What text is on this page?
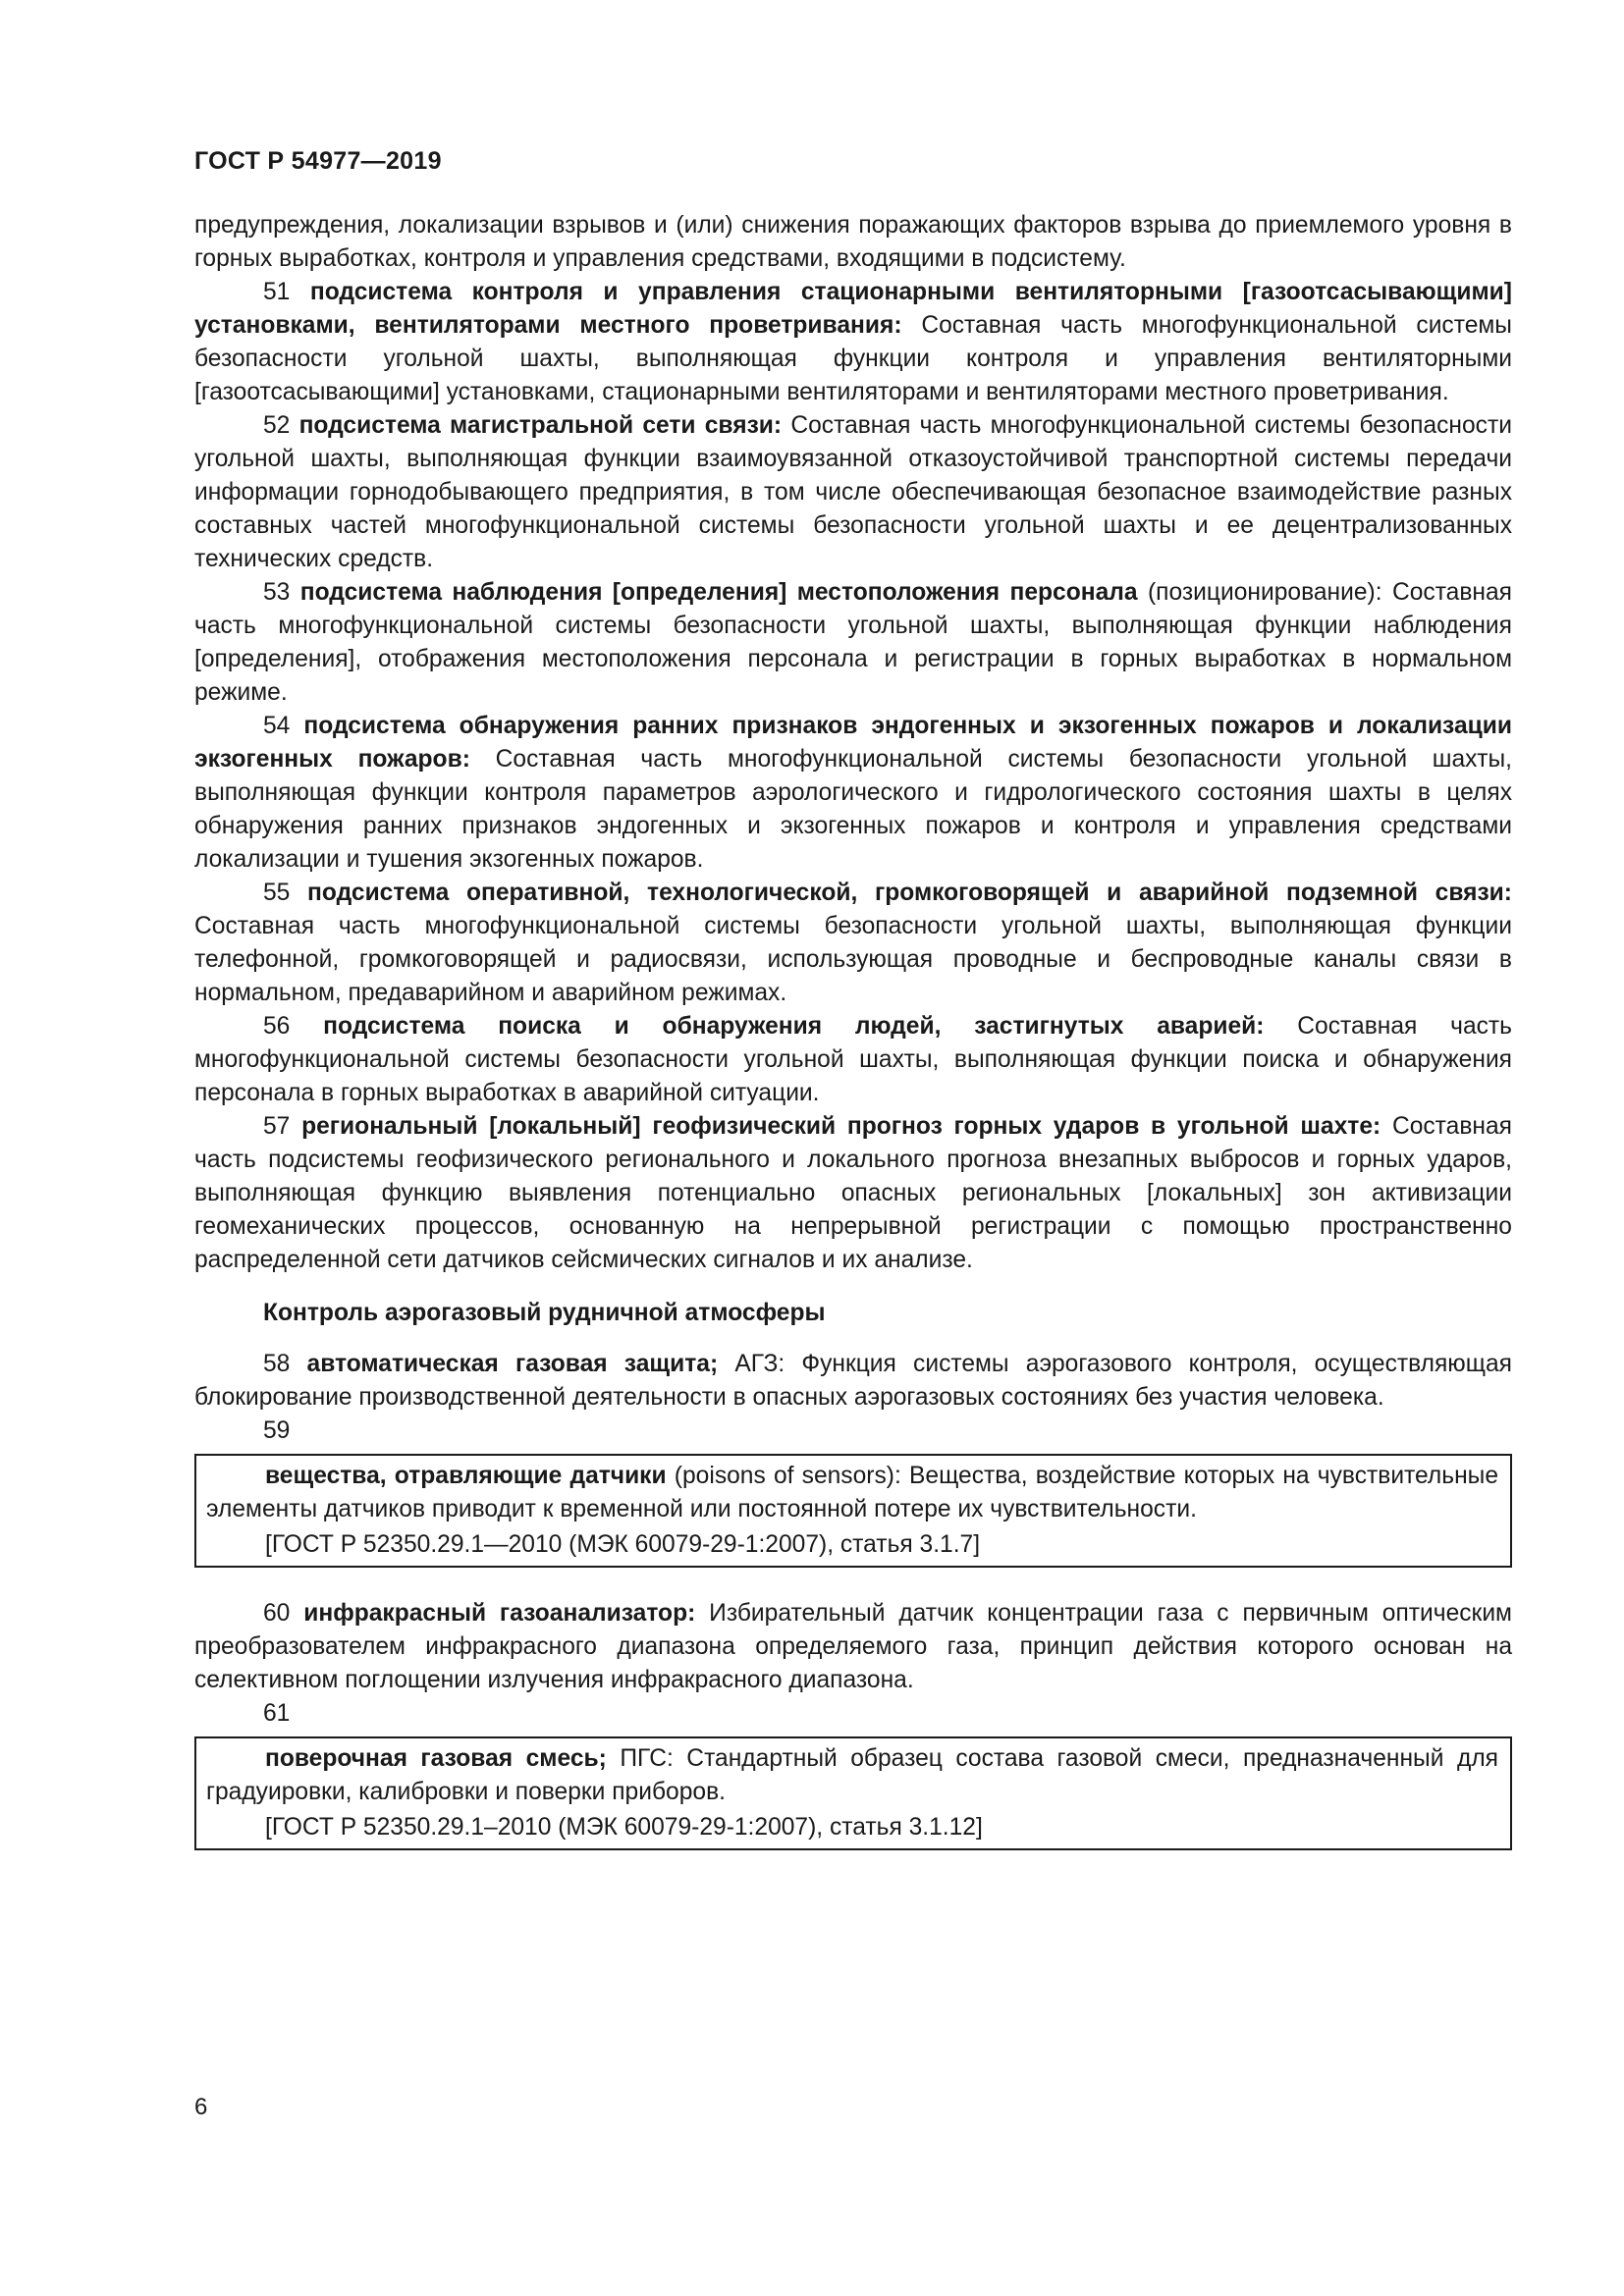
ГОСТ Р 54977—2019

предупреждения, локализации взрывов и (или) снижения поражающих факторов взрыва до приемлемого уровня в горных выработках, контроля и управления средствами, входящими в подсистему.

51 подсистема контроля и управления стационарными вентиляторными [газоотсасывающими] установками, вентиляторами местного проветривания: Составная часть многофункциональной системы безопасности угольной шахты, выполняющая функции контроля и управления вентиляторными [газоотсасывающими] установками, стационарными вентиляторами и вентиляторами местного проветривания.

52 подсистема магистральной сети связи: Составная часть многофункциональной системы безопасности угольной шахты, выполняющая функции взаимоувязанной отказоустойчивой транспортной системы передачи информации горнодобывающего предприятия, в том числе обеспечивающая безопасное взаимодействие разных составных частей многофункциональной системы безопасности угольной шахты и ее децентрализованных технических средств.

53 подсистема наблюдения [определения] местоположения персонала (позиционирование): Составная часть многофункциональной системы безопасности угольной шахты, выполняющая функции наблюдения [определения], отображения местоположения персонала и регистрации в горных выработках в нормальном режиме.

54 подсистема обнаружения ранних признаков эндогенных и экзогенных пожаров и локализации экзогенных пожаров: Составная часть многофункциональной системы безопасности угольной шахты, выполняющая функции контроля параметров аэрологического и гидрологического состояния шахты в целях обнаружения ранних признаков эндогенных и экзогенных пожаров и контроля и управления средствами локализации и тушения экзогенных пожаров.

55 подсистема оперативной, технологической, громкоговорящей и аварийной подземной связи: Составная часть многофункциональной системы безопасности угольной шахты, выполняющая функции телефонной, громкоговорящей и радиосвязи, использующая проводные и беспроводные каналы связи в нормальном, предаварийном и аварийном режимах.

56 подсистема поиска и обнаружения людей, застигнутых аварией: Составная часть многофункциональной системы безопасности угольной шахты, выполняющая функции поиска и обнаружения персонала в горных выработках в аварийной ситуации.

57 региональный [локальный] геофизический прогноз горных ударов в угольной шахте: Составная часть подсистемы геофизического регионального и локального прогноза внезапных выбросов и горных ударов, выполняющая функцию выявления потенциально опасных региональных [локальных] зон активизации геомеханических процессов, основанную на непрерывной регистрации с помощью пространственно распределенной сети датчиков сейсмических сигналов и их анализе.

Контроль аэрогазовый рудничной атмосферы

58 автоматическая газовая защита; АГЗ: Функция системы аэрогазового контроля, осуществляющая блокирование производственной деятельности в опасных аэрогазовых состояниях без участия человека.

59

вещества, отравляющие датчики (poisons of sensors): Вещества, воздействие которых на чувствительные элементы датчиков приводит к временной или постоянной потере их чувствительности.

[ГОСТ Р 52350.29.1—2010 (МЭК 60079-29-1:2007), статья 3.1.7]

60 инфракрасный газоанализатор: Избирательный датчик концентрации газа с первичным оптическим преобразователем инфракрасного диапазона определяемого газа, принцип действия которого основан на селективном поглощении излучения инфракрасного диапазона.

61

поверочная газовая смесь; ПГС: Стандартный образец состава газовой смеси, предназначенный для градуировки, калибровки и поверки приборов.

[ГОСТ Р 52350.29.1–2010 (МЭК 60079-29-1:2007), статья 3.1.12]

6
